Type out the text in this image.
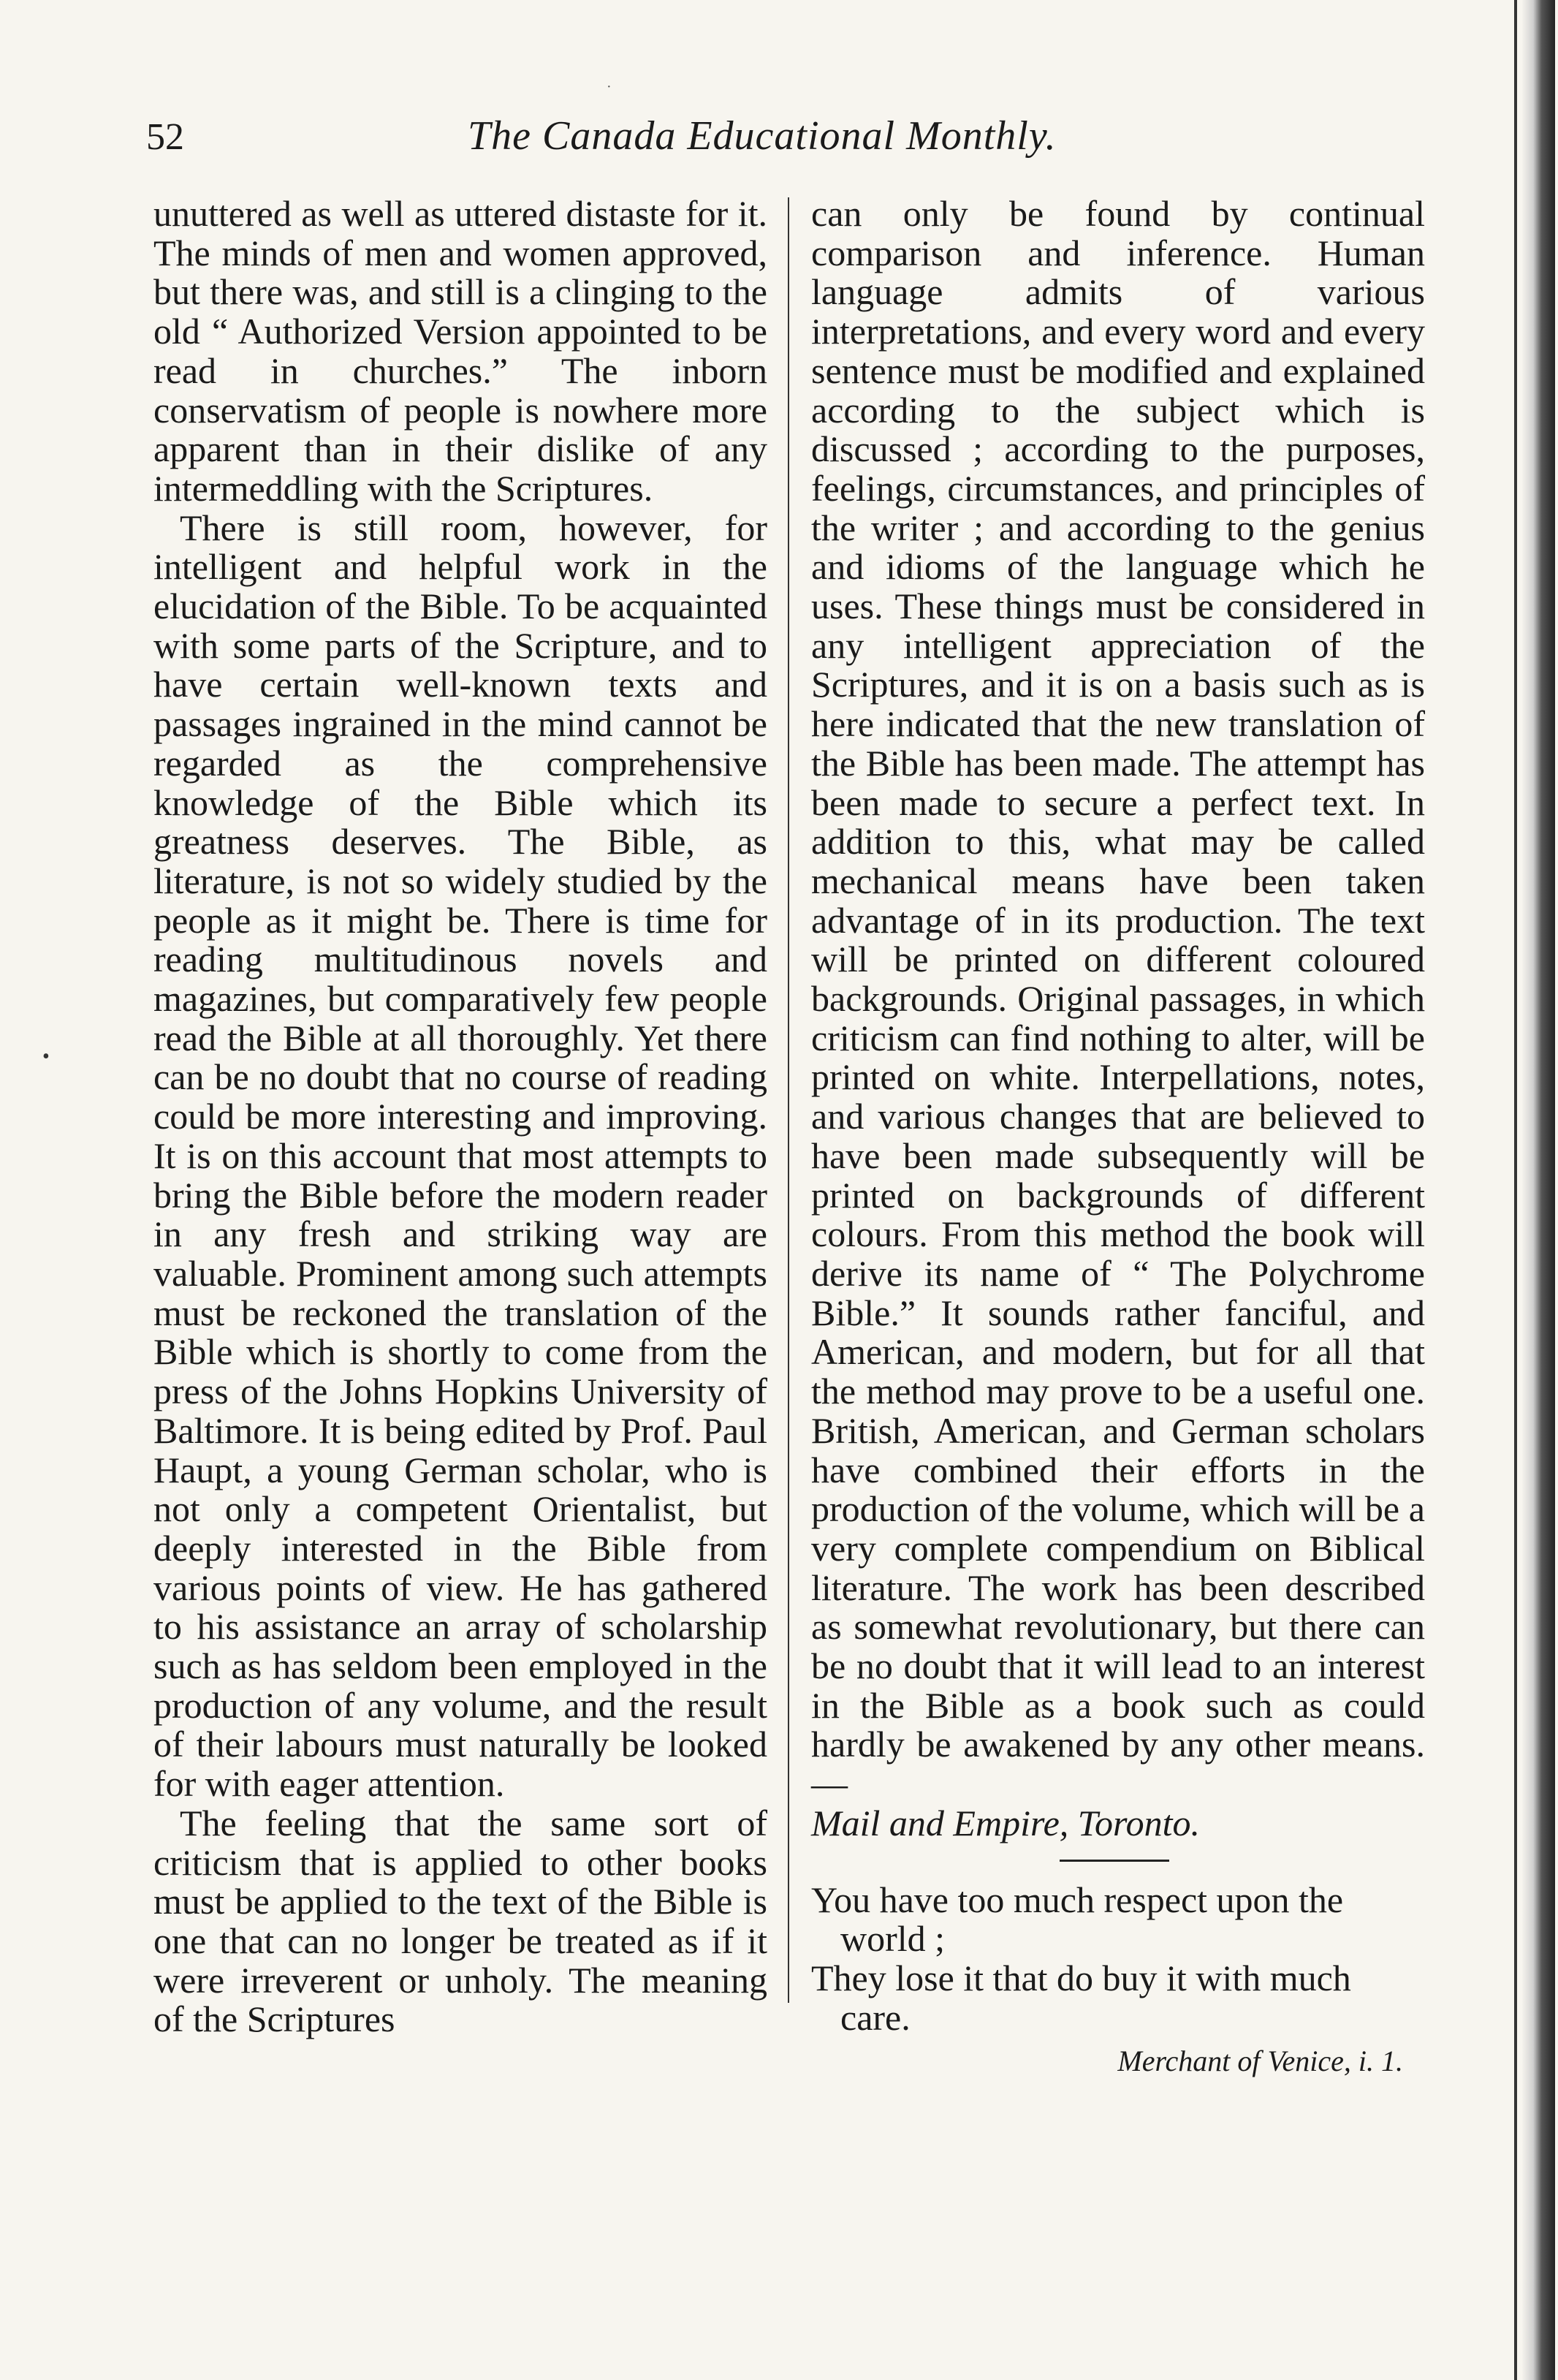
52	The Canada Educational Monthly.

unuttered as well as uttered distaste for it. The minds of men and women approved, but there was, and still is a clinging to the old “ Authorized Version appointed to be read in churches.” The inborn conservatism of people is nowhere more apparent than in their dislike of any intermeddling with the Scriptures.

There is still room, however, for intelligent and helpful work in the elucidation of the Bible. To be acquainted with some parts of the Scripture, and to have certain well-known texts and passages ingrained in the mind cannot be regarded as the comprehensive knowledge of the Bible which its greatness deserves. The Bible, as literature, is not so widely studied by the people as it might be. There is time for reading multitudinous novels and magazines, but comparatively few people read the Bible at all thoroughly. Yet there can be no doubt that no course of reading could be more interesting and improving. It is on this account that most attempts to bring the Bible before the modern reader in any fresh and striking way are valuable. Prominent among such attempts must be reckoned the translation of the Bible which is shortly to come from the press of the Johns Hopkins University of Baltimore. It is being edited by Prof. Paul Haupt, a young German scholar, who is not only a competent Orientalist, but deeply interested in the Bible from various points of view. He has gathered to his assistance an array of scholarship such as has seldom been employed in the production of any volume, and the result of their labours must naturally be looked for with eager attention.

The feeling that the same sort of criticism that is applied to other books must be applied to the text of the Bible is one that can no longer be treated as if it were irreverent or unholy. The meaning of the Scriptures

can only be found by continual comparison and inference. Human language admits of various interpretations, and every word and every sentence must be modified and explained according to the subject which is discussed ; according to the purposes, feelings, circumstances, and principles of the writer ; and according to the genius and idioms of the language which he uses. These things must be considered in any intelligent appreciation of the Scriptures, and it is on a basis such as is here indicated that the new translation of the Bible has been made. The attempt has been made to secure a perfect text. In addition to this, what may be called mechanical means have been taken advantage of in its production. The text will be printed on different coloured backgrounds. Original passages, in which criticism can find nothing to alter, will be printed on white. Interpellations, notes, and various changes that are believed to have been made subsequently will be printed on backgrounds of different colours. From this method the book will derive its name of “ The Polychrome Bible.” It sounds rather fanciful, and American, and modern, but for all that the method may prove to be a useful one. British, American, and German scholars have combined their efforts in the production of the volume, which will be a very complete compendium on Biblical literature. The work has been described as somewhat revolutionary, but there can be no doubt that it will lead to an interest in the Bible as a book such as could hardly be awakened by any other means.—

Mail and Empire, Toronto.

You have too much respect upon the world ;
They lose it that do buy it with much care.
Merchant of Venice, i. 1.
·
•
